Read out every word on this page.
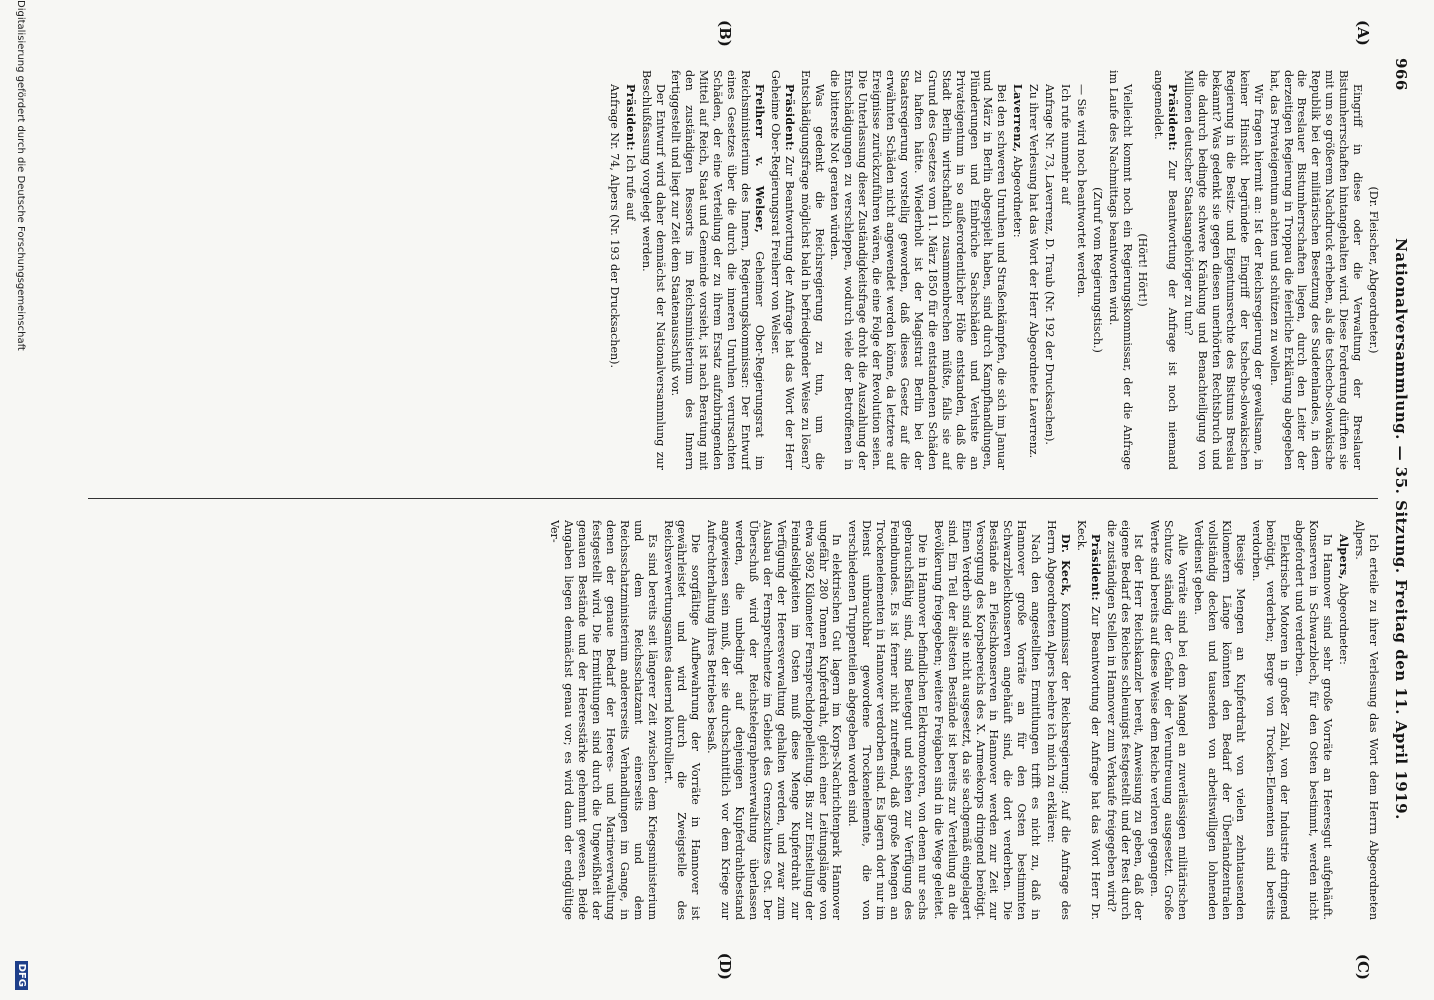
966
Nationalversammlung. — 35. Sitzung. Freitag den 11. April 1919.
(A)
(B)
(C)
(D)

(Dr. Fleischer, Abgeordneter.)

Eingriff in diese oder die Verwaltung der Breslauer Bistumherrschaften hintangehalten wird. Diese Forderung dürften sie mit um so größerem Nachdruck erheben, als die tschecho-slowakische Republik bei der militärischen Besetzung des Sudetenlandes, in dem die Breslauer Bistumherrschaften liegen, durch den Leiter der derzeitigen Regierung in Troppau die feierliche Erklärung abgegeben hat, das Privateigentum achten und schützen zu wollen.

Wir fragen hiermit an: Ist der Reichsregierung der gewaltsame, in keiner Hinsicht begründete Eingriff der tschecho-slowakischen Regierung in die Besitz- und Eigentumsrechte des Bistums Breslau bekannt? Was gedenkt sie gegen diesen unerhörten Rechtsbruch und die dadurch bedingte schwere Kränkung und Benachteiligung von Millionen deutscher Staatsangehöriger zu tun?

Präsident: Zur Beantwortung der Anfrage ist noch niemand angemeldet.

(Hört! Hört!)

Vielleicht kommt noch ein Regierungskommissar, der die Anfrage im Laufe des Nachmittags beantworten wird.

(Zuruf vom Regierungstisch.)

— Sie wird noch beantwortet werden.

Ich rufe nunmehr auf

Anfrage Nr. 73, Laverrenz, D. Traub (Nr. 192 der Drucksachen).

Zu ihrer Verlesung hat das Wort der Herr Abgeordnete Laverrenz.

Laverrenz, Abgeordneter:

Bei den schweren Unruhen und Straßenkämpfen, die sich im Januar und März in Berlin abgespielt haben, sind durch Kampfhandlungen, Plünderungen und Einbrüche Sachschäden und Verluste an Privateigentum in so außerordentlicher Höhe entstanden, daß die Stadt Berlin wirtschaftlich zusammenbrechen müßte, falls sie auf Grund des Gesetzes vom 11. März 1850 für die entstandenen Schäden zu haften hätte. Wiederholt ist der Magistrat Berlin bei der Staatsregierung vorstellig geworden, daß dieses Gesetz auf die erwähnten Schäden nicht angewendet werden könne, da letztere auf Ereignisse zurückzuführen wären, die eine Folge der Revolution seien. Die Unterlassung dieser Zuständigkeitsfrage droht die Auszahlung der Entschädigungen zu verschleppen, wodurch viele der Betroffenen in die bitterste Not geraten würden.

Was gedenkt die Reichsregierung zu tun, um die Entschädigungsfrage möglichst bald in befriedigender Weise zu lösen?

Präsident: Zur Beantwortung der Anfrage hat das Wort der Herr Geheime Ober-Regierungsrat Freiherr von Welser.

Freiherr v. Welser, Geheimer Ober-Regierungsrat im Reichsministerium des Innern, Regierungskommissar: Der Entwurf eines Gesetzes über die durch die inneren Unruhen verursachten Schäden, der eine Verteilung der zu ihrem Ersatz aufzubringenden Mittel auf Reich, Staat und Gemeinde vorsieht, ist nach Beratung mit den zuständigen Ressorts im Reichsministerium des Innern fertiggestellt und liegt zur Zeit dem Staatenausschuß vor.

Der Entwurf wird daher demnächst der Nationalversammlung zur Beschlußfassung vorgelegt werden.

Präsident: Ich rufe auf

Anfrage Nr. 74, Alpers (Nr. 193 der Drucksachen).

Ich erteile zu ihrer Verlesung das Wort dem Herrn Abgeordneten Alpers.

Alpers, Abgeordneter:

In Hannover sind sehr große Vorräte an Heeresgut aufgehäuft. Konserven in Schwarzblech, für den Osten bestimmt, werden nicht abgefordert und verderben.

Elektrische Motoren in großer Zahl, von der Industrie dringend benötigt, verderben; Berge von Trocken-Elementen sind bereits verdorben.

Riesige Mengen an Kupferdraht von vielen zehntausenden Kilometern Länge könnten den Bedarf der Überlandzentralen vollständig decken und tausenden von arbeitswilligen lohnenden Verdienst geben.

Alle Vorräte sind bei dem Mangel an zuverlässigen militärischen Schutze ständig der Gefahr der Veruntreuung ausgesetzt. Große Werte sind bereits auf diese Weise dem Reiche verloren gegangen.

Ist der Herr Reichskanzler bereit, Anweisung zu geben, daß der eigene Bedarf des Reiches schleunigst festgestellt und der Rest durch die zuständigen Stellen in Hannover zum Verkaufe freigegeben wird?

Präsident: Zur Beantwortung der Anfrage hat das Wort Herr Dr. Keck.

Dr. Keck, Kommissar der Reichsregierung: Auf die Anfrage des Herrn Abgeordneten Alpers beehre ich mich zu erklären:

Nach den angestellten Ermittlungen trifft es nicht zu, daß in Hannover große Vorräte an für den Osten bestimmten Schwarzblechkonserven angehäuft sind, die dort verderben. Die Bestände an Fleischkonserven in Hannover werden zur Zeit zur Versorgung des Korpsbereichs des X. Armeekorps dringend benötigt. Einen Verderb sind sie nicht ausgesetzt, da sie sachgemäß eingelagert sind. Ein Teil der ältesten Bestände ist bereits zur Verteilung an die Bevölkerung freigegeben; weitere Freigaben sind in die Wege geleitet.

Die in Hannover befindlichen Elektromotoren, von denen nur sechs gebrauchsfähig sind, sind Beutegut und stehen zur Verfügung des Feindbundes. Es ist ferner nicht zutreffend, daß große Mengen an Trockenelementen in Hannover verdorben sind. Es lagern dort nur im Dienst unbrauchbar gewordene Trockenelemente, die von verschiedenen Truppenteilen abgegeben worden sind.

In elektrischen Gut lagern im Korps-Nachrichtenpark Hannover ungefähr 280 Tonnen Kupferdraht, gleich einer Leitungslänge von etwa 3692 Kilometer Fernsprechdoppelleitung. Bis zur Einstellung der Feindseligkeiten im Osten muß diese Menge Kupferdraht zur Verfügung der Heeresverwaltung gehalten werden, und zwar zum Ausbau der Fernsprechnetze im Gebiet des Grenzschutzes Ost. Der Überschuß wird der Reichstelegraphenverwaltung überlassen werden, die unbedingt auf denjenigen Kupferdrahtbestand angewiesen sein muß, der sie durchschnittlich vor dem Kriege zur Aufrechterhaltung ihres Betriebes besaß.

Die sorgfältige Aufbewahrung der Vorräte in Hannover ist gewährleistet und wird durch die Zweigstelle des Reichsverwertungsamtes dauernd kontrolliert.

Es sind bereits seit längerer Zeit zwischen dem Kriegsministerium und dem Reichsschatzamt einerseits und dem Reichsschatzministerium andererseits Verhandlungen im Gange, in denen der genaue Bedarf der Heeres- und Marineverwaltung festgestellt wird. Die Ermittlungen sind durch die Ungewißheit der genauen Bestände und der Heeresstärke gehemmt gewesen. Beide Angaben liegen demnächst genau vor; es wird dann der endgültige Ver-

Digitalisierung gefördert durch die Deutsche Forschungsgemeinschaft
DFG
